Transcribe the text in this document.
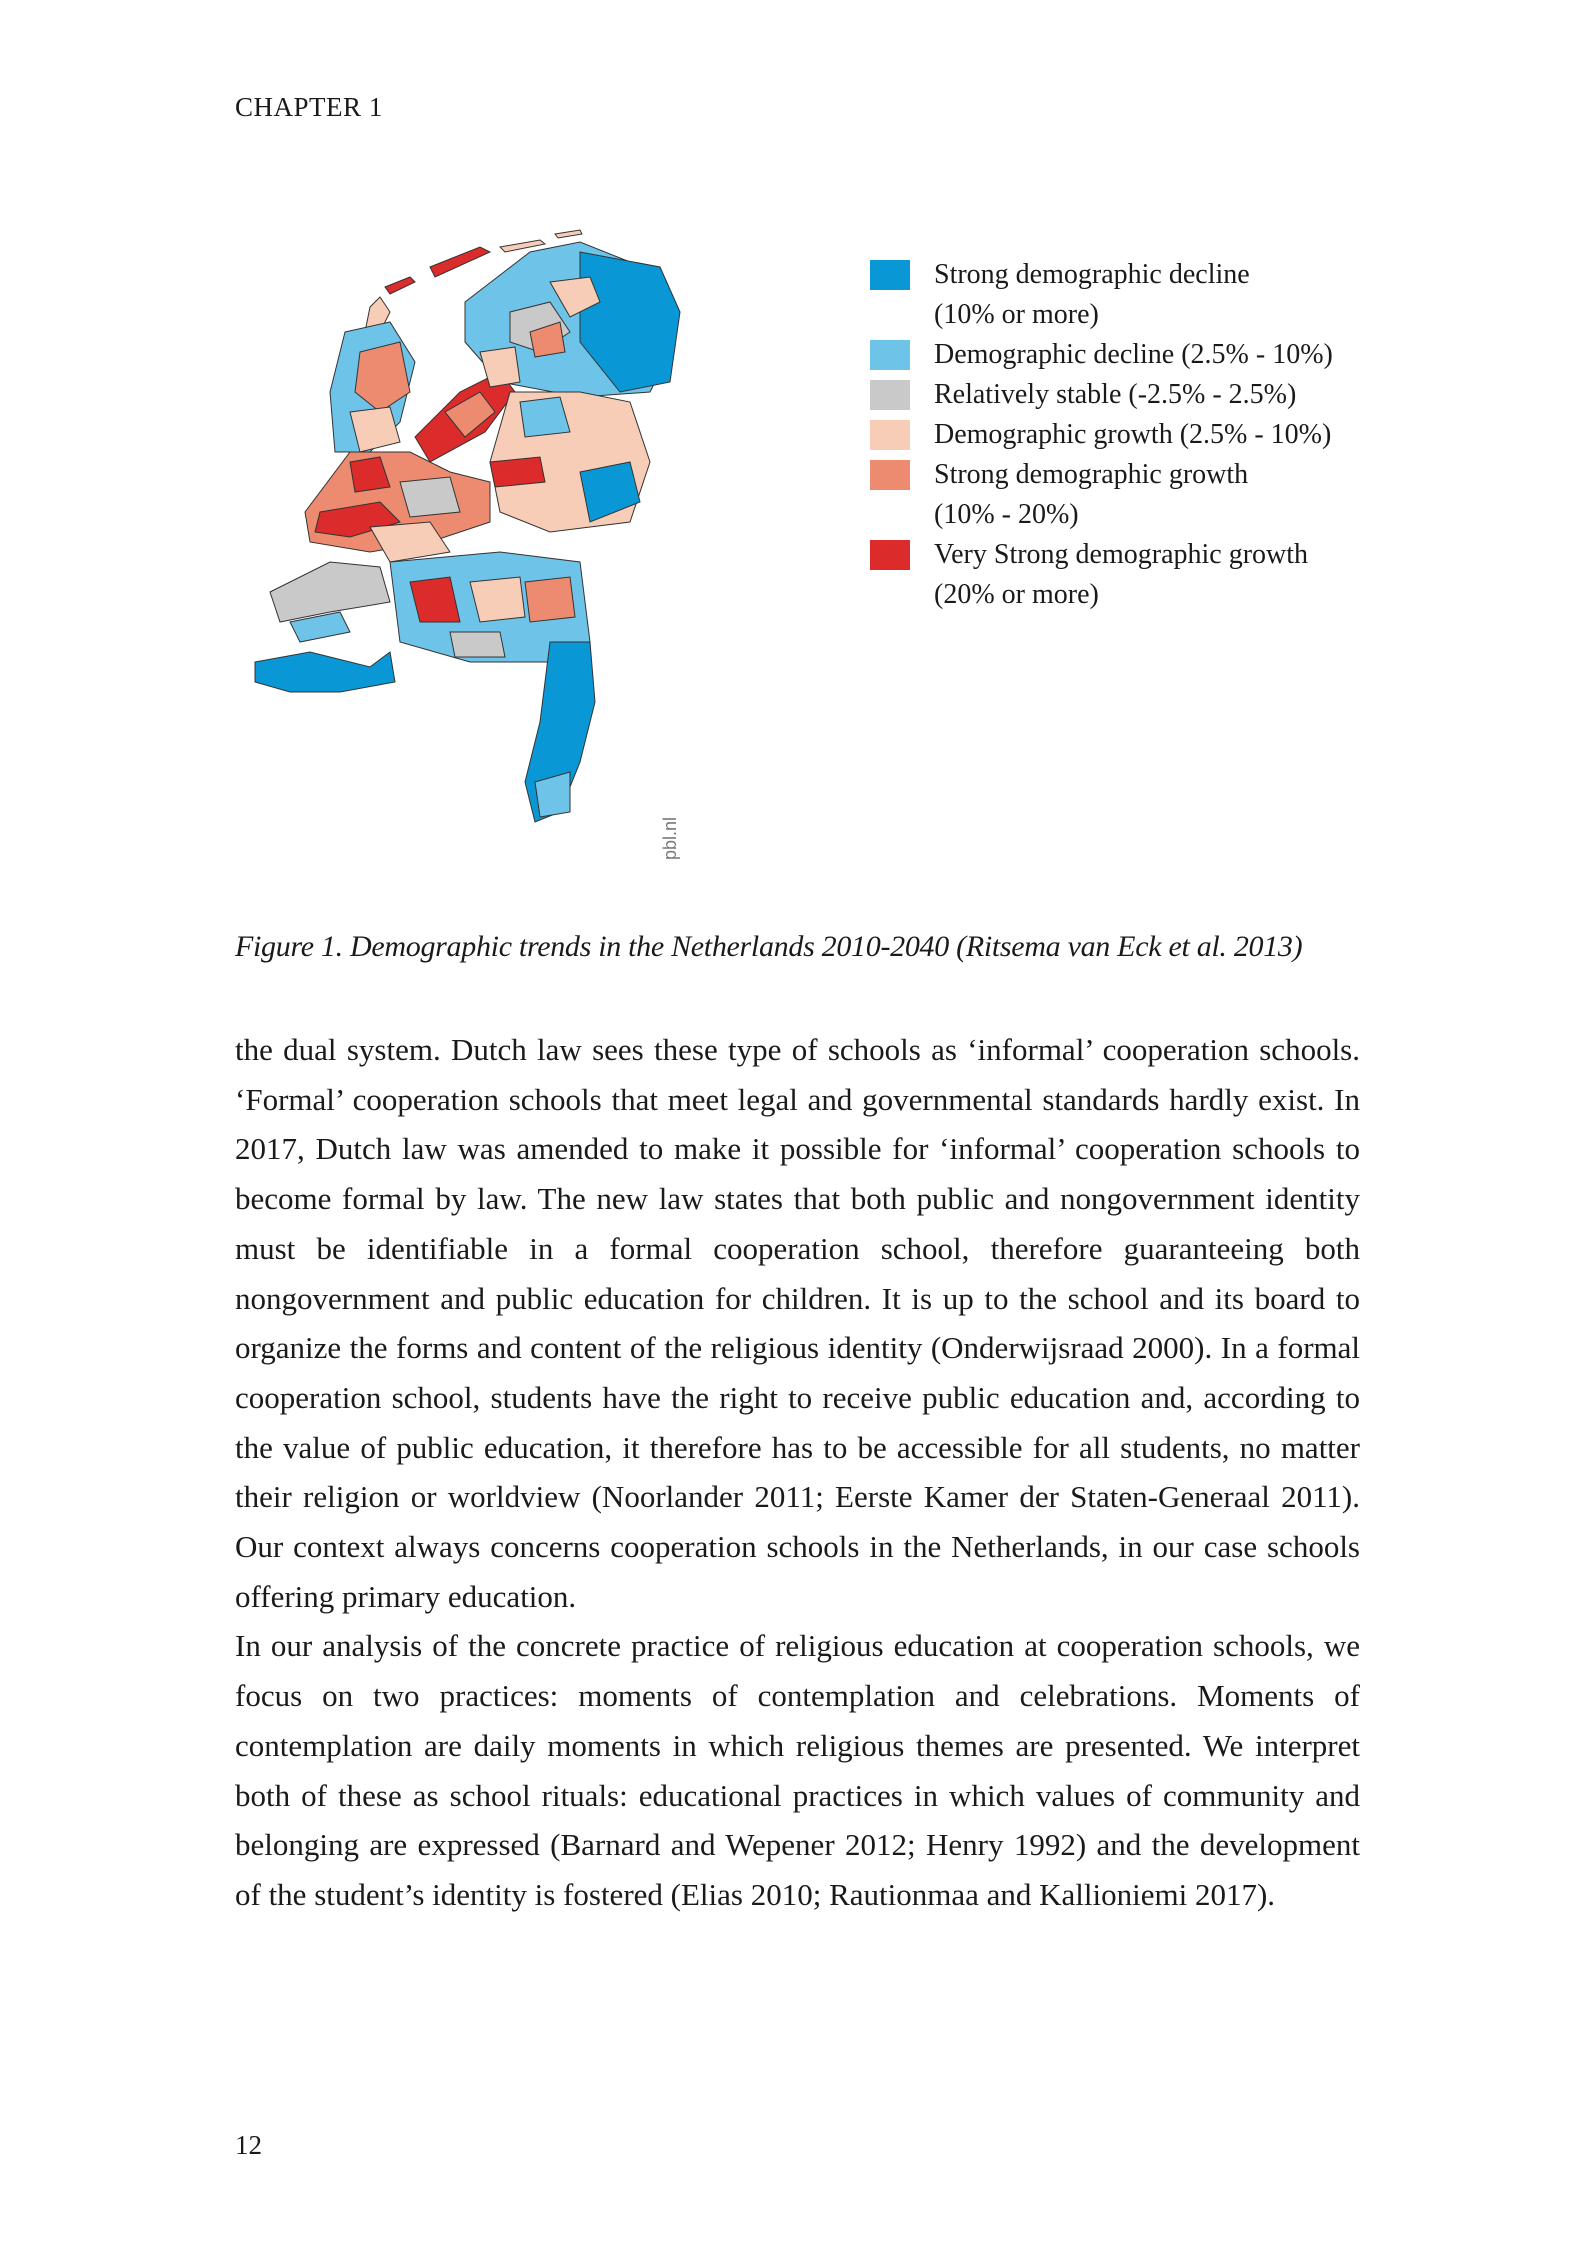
CHAPTER 1
pbl.nl
Strong demographic decline
(10% or more)
Demographic decline (2.5% - 10%)
Relatively stable (-2.5% - 2.5%)
Demographic growth (2.5% - 10%)
Strong demographic growth
(10% - 20%)
Very Strong demographic growth
(20% or more)
Figure 1. Demographic trends in the Netherlands 2010-2040 (Ritsema van Eck et al. 2013)

the dual system. Dutch law sees these type of schools as ‘informal’ cooperation schools. ‘Formal’ cooperation schools that meet legal and governmental standards hardly exist. In 2017, Dutch law was amended to make it possible for ‘informal’ cooperation schools to become formal by law. The new law states that both public and nongovernment identity must be identifiable in a formal cooperation school, therefore guaranteeing both nongovernment and public education for children. It is up to the school and its board to organize the forms and content of the religious identity (Onderwijsraad 2000). In a formal cooperation school, students have the right to receive public education and, according to the value of public education, it therefore has to be accessible for all students, no matter their religion or worldview (Noorlander 2011; Eerste Kamer der Staten-Generaal 2011). Our context always concerns cooperation schools in the Netherlands, in our case schools offering primary education.

In our analysis of the concrete practice of religious education at cooperation schools, we focus on two practices: moments of contemplation and celebrations. Moments of contemplation are daily moments in which religious themes are presented. We interpret both of these as school rituals: educational practices in which values of community and belonging are expressed (Barnard and Wepener 2012; Henry 1992) and the development of the student’s identity is fostered (Elias 2010; Rautionmaa and Kallioniemi 2017).

12
